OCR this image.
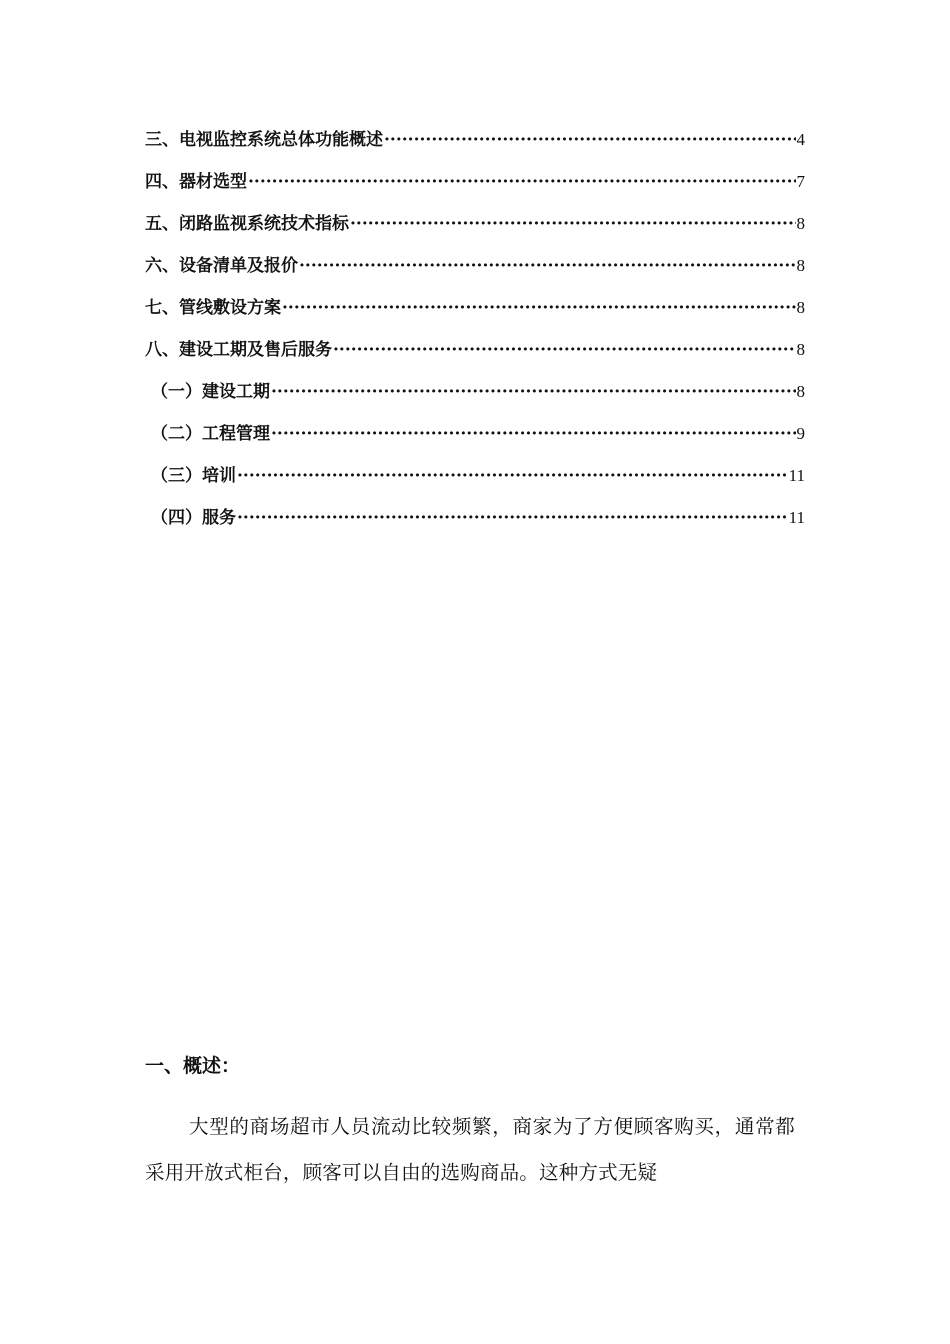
三、电视监控系统总体功能概述 ·····	4
四、器材选型 ·····	7
五、闭路监视系统技术指标 ·····	8
六、设备清单及报价 ·····	8
七、管线敷设方案 ·····	8
八、建设工期及售后服务 ·····	8
（一）建设工期 ·····	8
（二）工程管理 ·····	9
（三）培训 ·····	11
（四）服务 ·····	11
一、概述：

大型的商场超市人员流动比较频繁，商家为了方便顾客购买，通常都采用开放式柜台，顾客可以自由的选购商品。这种方式无疑
